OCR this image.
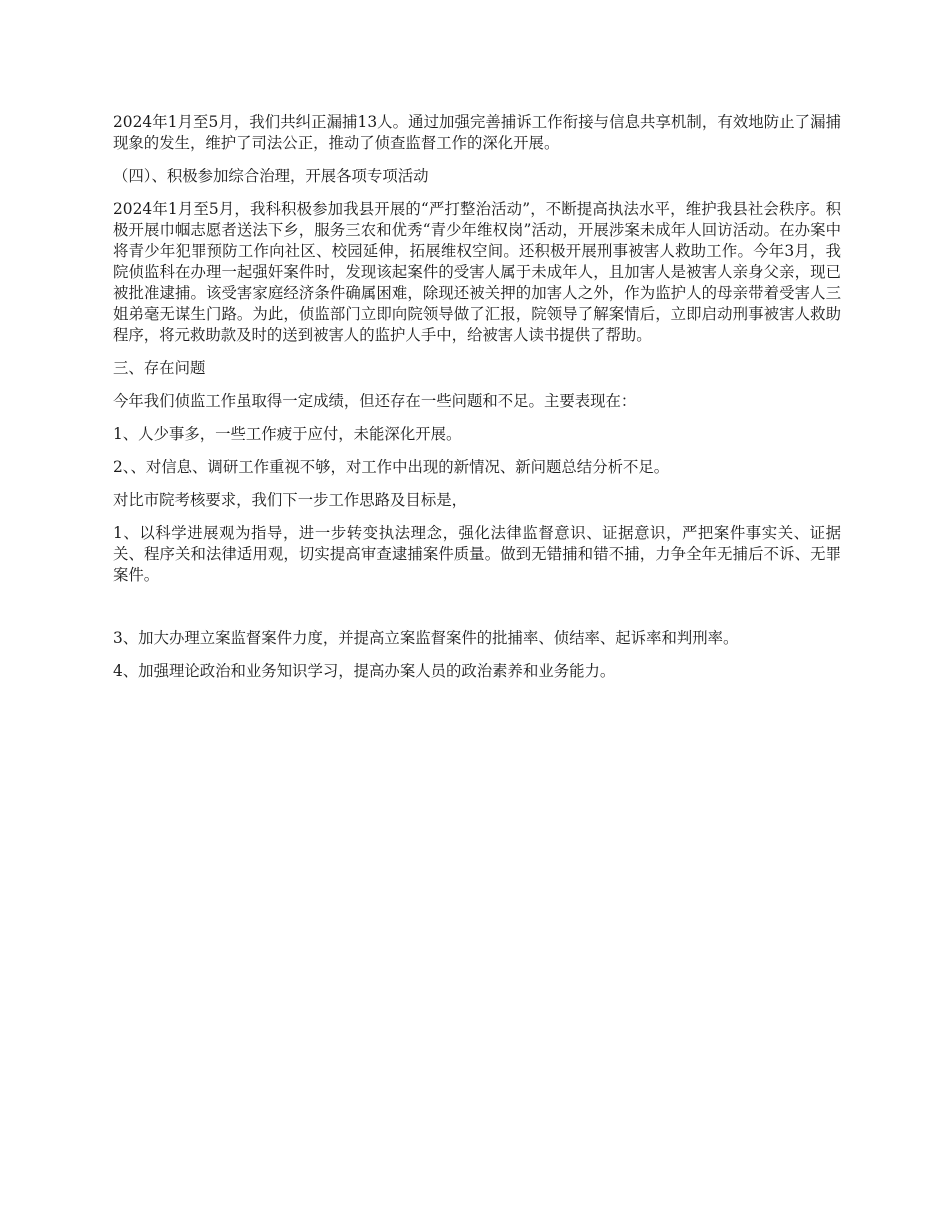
2024年1月至5月，我们共纠正漏捕13人。通过加强完善捕诉工作衔接与信息共享机制，有效地防止了漏捕现象的发生，维护了司法公正，推动了侦查监督工作的深化开展。

（四）、积极参加综合治理，开展各项专项活动

2024年1月至5月，我科积极参加我县开展的“严打整治活动”，不断提高执法水平，维护我县社会秩序。积极开展巾帼志愿者送法下乡，服务三农和优秀“青少年维权岗”活动，开展涉案未成年人回访活动。在办案中将青少年犯罪预防工作向社区、校园延伸，拓展维权空间。还积极开展刑事被害人救助工作。今年3月，我院侦监科在办理一起强奸案件时，发现该起案件的受害人属于未成年人，且加害人是被害人亲身父亲，现已被批准逮捕。该受害家庭经济条件确属困难，除现还被关押的加害人之外，作为监护人的母亲带着受害人三姐弟毫无谋生门路。为此，侦监部门立即向院领导做了汇报，院领导了解案情后，立即启动刑事被害人救助程序，将元救助款及时的送到被害人的监护人手中，给被害人读书提供了帮助。

三、存在问题

今年我们侦监工作虽取得一定成绩，但还存在一些问题和不足。主要表现在：

1、人少事多，一些工作疲于应付，未能深化开展。

2、、对信息、调研工作重视不够，对工作中出现的新情况、新问题总结分析不足。

对比市院考核要求，我们下一步工作思路及目标是，

1、以科学进展观为指导，进一步转变执法理念，强化法律监督意识、证据意识，严把案件事实关、证据关、程序关和法律适用观，切实提高审查逮捕案件质量。做到无错捕和错不捕，力争全年无捕后不诉、无罪案件。

3、加大办理立案监督案件力度，并提高立案监督案件的批捕率、侦结率、起诉率和判刑率。

4、加强理论政治和业务知识学习，提高办案人员的政治素养和业务能力。
